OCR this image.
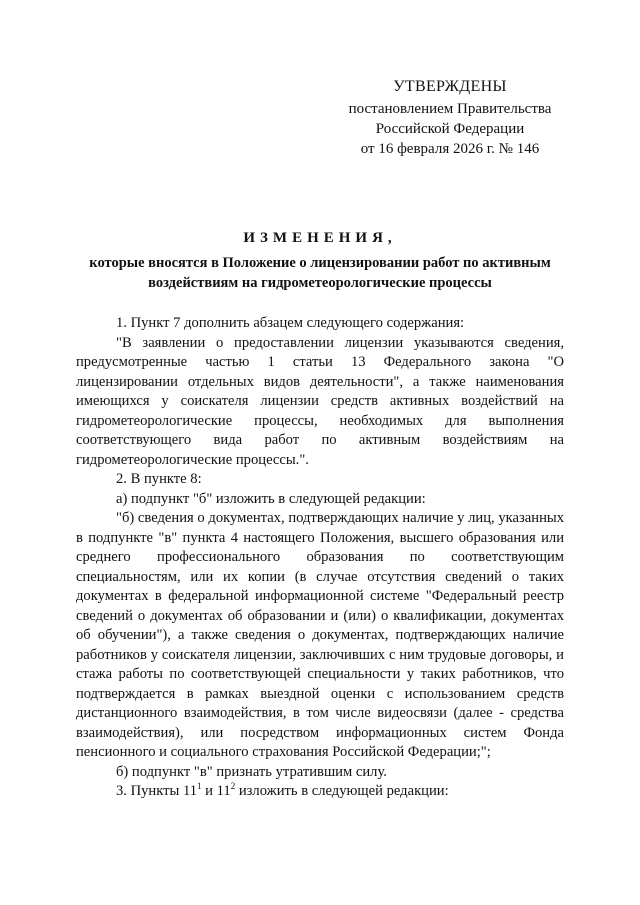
УТВЕРЖДЕНЫ
постановлением Правительства
Российской Федерации
от 16 февраля 2026 г. № 146
ИЗМЕНЕНИЯ,
которые вносятся в Положение о лицензировании работ по активным воздействиям на гидрометеорологические процессы

1. Пункт 7 дополнить абзацем следующего содержания:

"В заявлении о предоставлении лицензии указываются сведения, предусмотренные частью 1 статьи 13 Федерального закона "О лицензировании отдельных видов деятельности", а также наименования имеющихся у соискателя лицензии средств активных воздействий на гидрометеорологические процессы, необходимых для выполнения соответствующего вида работ по активным воздействиям на гидрометеорологические процессы.".

2. В пункте 8:

а) подпункт "б" изложить в следующей редакции:

"б) сведения о документах, подтверждающих наличие у лиц, указанных в подпункте "в" пункта 4 настоящего Положения, высшего образования или среднего профессионального образования по соответствующим специальностям, или их копии (в случае отсутствия сведений о таких документах в федеральной информационной системе "Федеральный реестр сведений о документах об образовании и (или) о квалификации, документах об обучении"), а также сведения о документах, подтверждающих наличие работников у соискателя лицензии, заключивших с ним трудовые договоры, и стажа работы по соответствующей специальности у таких работников, что подтверждается в рамках выездной оценки с использованием средств дистанционного взаимодействия, в том числе видеосвязи (далее - средства взаимодействия), или посредством информационных систем Фонда пенсионного и социального страхования Российской Федерации;";

б) подпункт "в" признать утратившим силу.

3. Пункты $11^1$ и $11^2$ изложить в следующей редакции:
